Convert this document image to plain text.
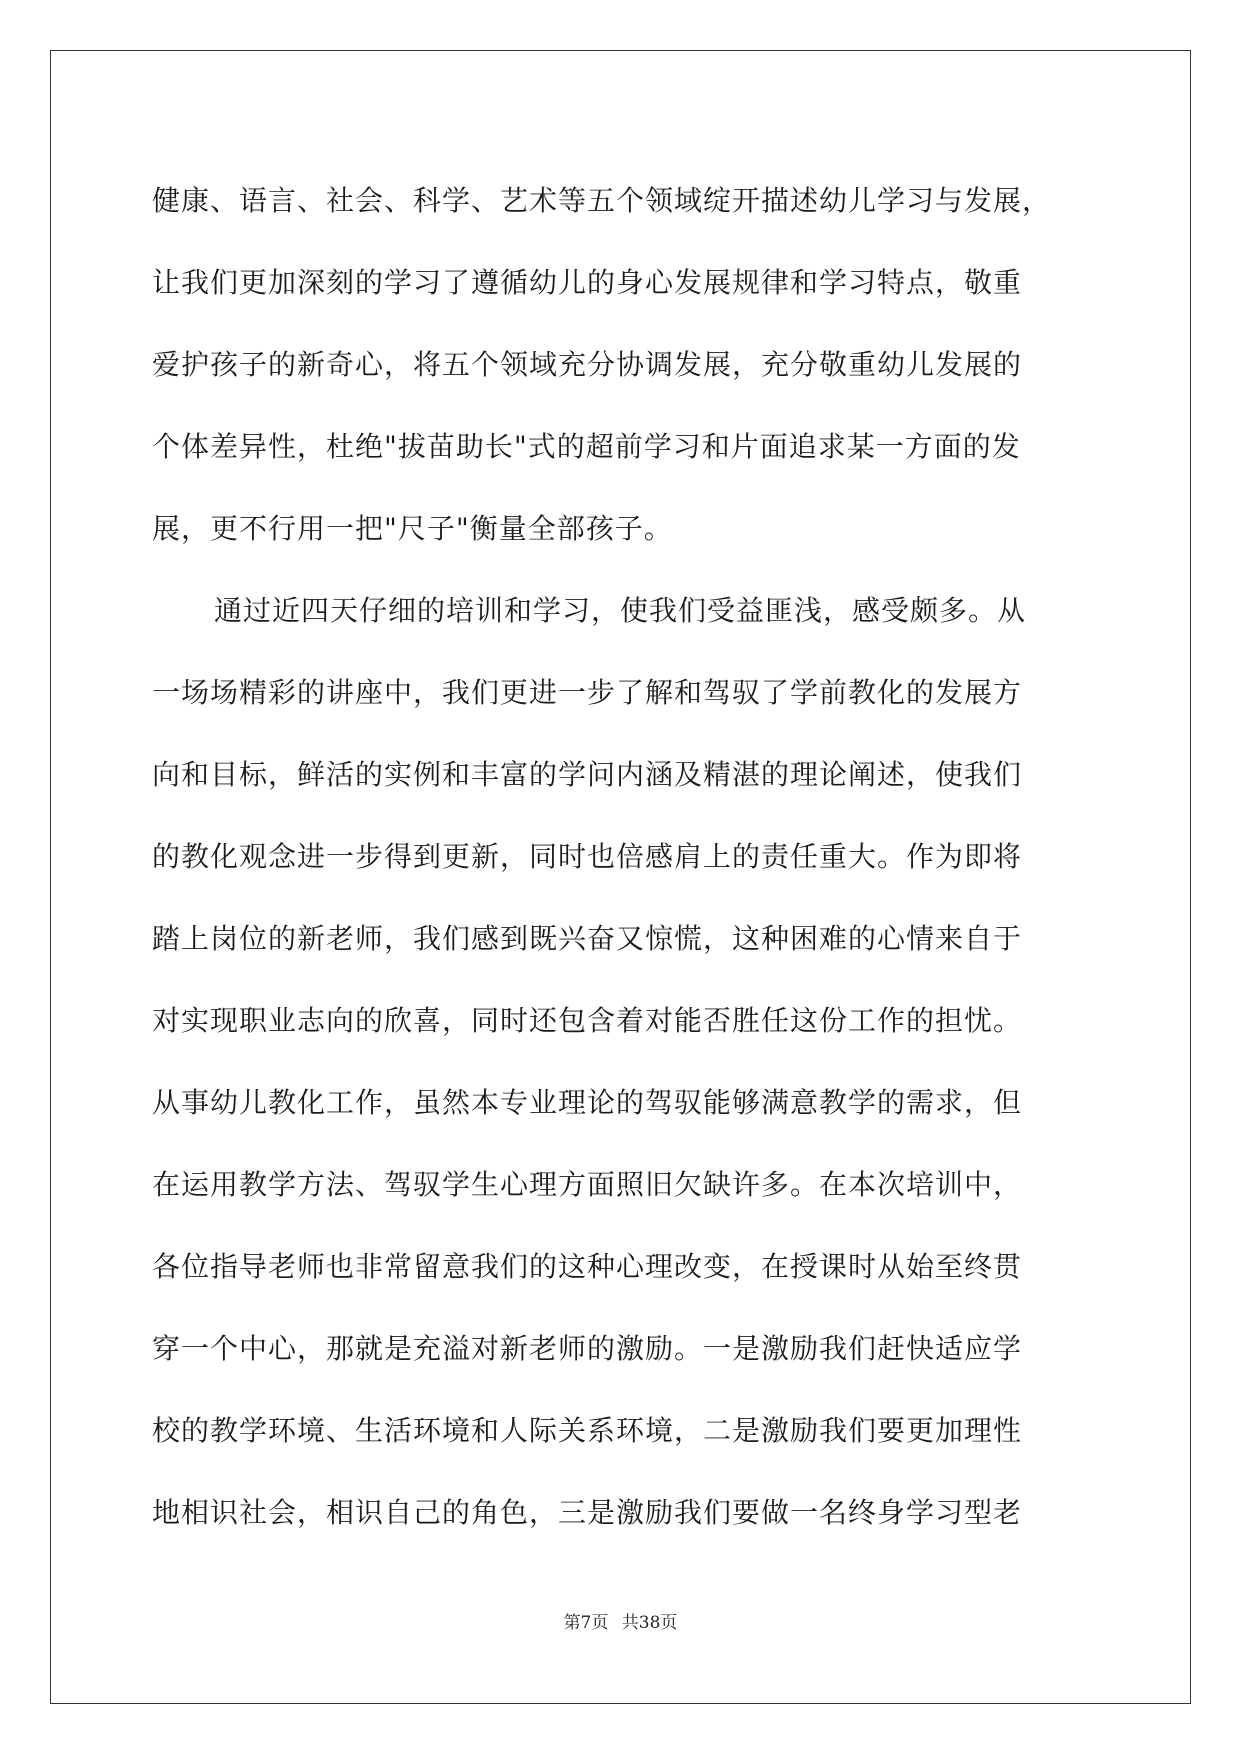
健康、语言、社会、科学、艺术等五个领域绽开描述幼儿学习与发展，
让我们更加深刻的学习了遵循幼儿的身心发展规律和学习特点，敬重
爱护孩子的新奇心，将五个领域充分协调发展，充分敬重幼儿发展的
个体差异性，杜绝"拔苗助长"式的超前学习和片面追求某一方面的发
展，更不行用一把"尺子"衡量全部孩子。
通过近四天仔细的培训和学习，使我们受益匪浅，感受颇多。从
一场场精彩的讲座中，我们更进一步了解和驾驭了学前教化的发展方
向和目标，鲜活的实例和丰富的学问内涵及精湛的理论阐述，使我们
的教化观念进一步得到更新，同时也倍感肩上的责任重大。作为即将
踏上岗位的新老师，我们感到既兴奋又惊慌，这种困难的心情来自于
对实现职业志向的欣喜，同时还包含着对能否胜任这份工作的担忧。
从事幼儿教化工作，虽然本专业理论的驾驭能够满意教学的需求，但
在运用教学方法、驾驭学生心理方面照旧欠缺许多。在本次培训中，
各位指导老师也非常留意我们的这种心理改变，在授课时从始至终贯
穿一个中心，那就是充溢对新老师的激励。一是激励我们赶快适应学
校的教学环境、生活环境和人际关系环境，二是激励我们要更加理性
地相识社会，相识自己的角色，三是激励我们要做一名终身学习型老
第7页 共38页
